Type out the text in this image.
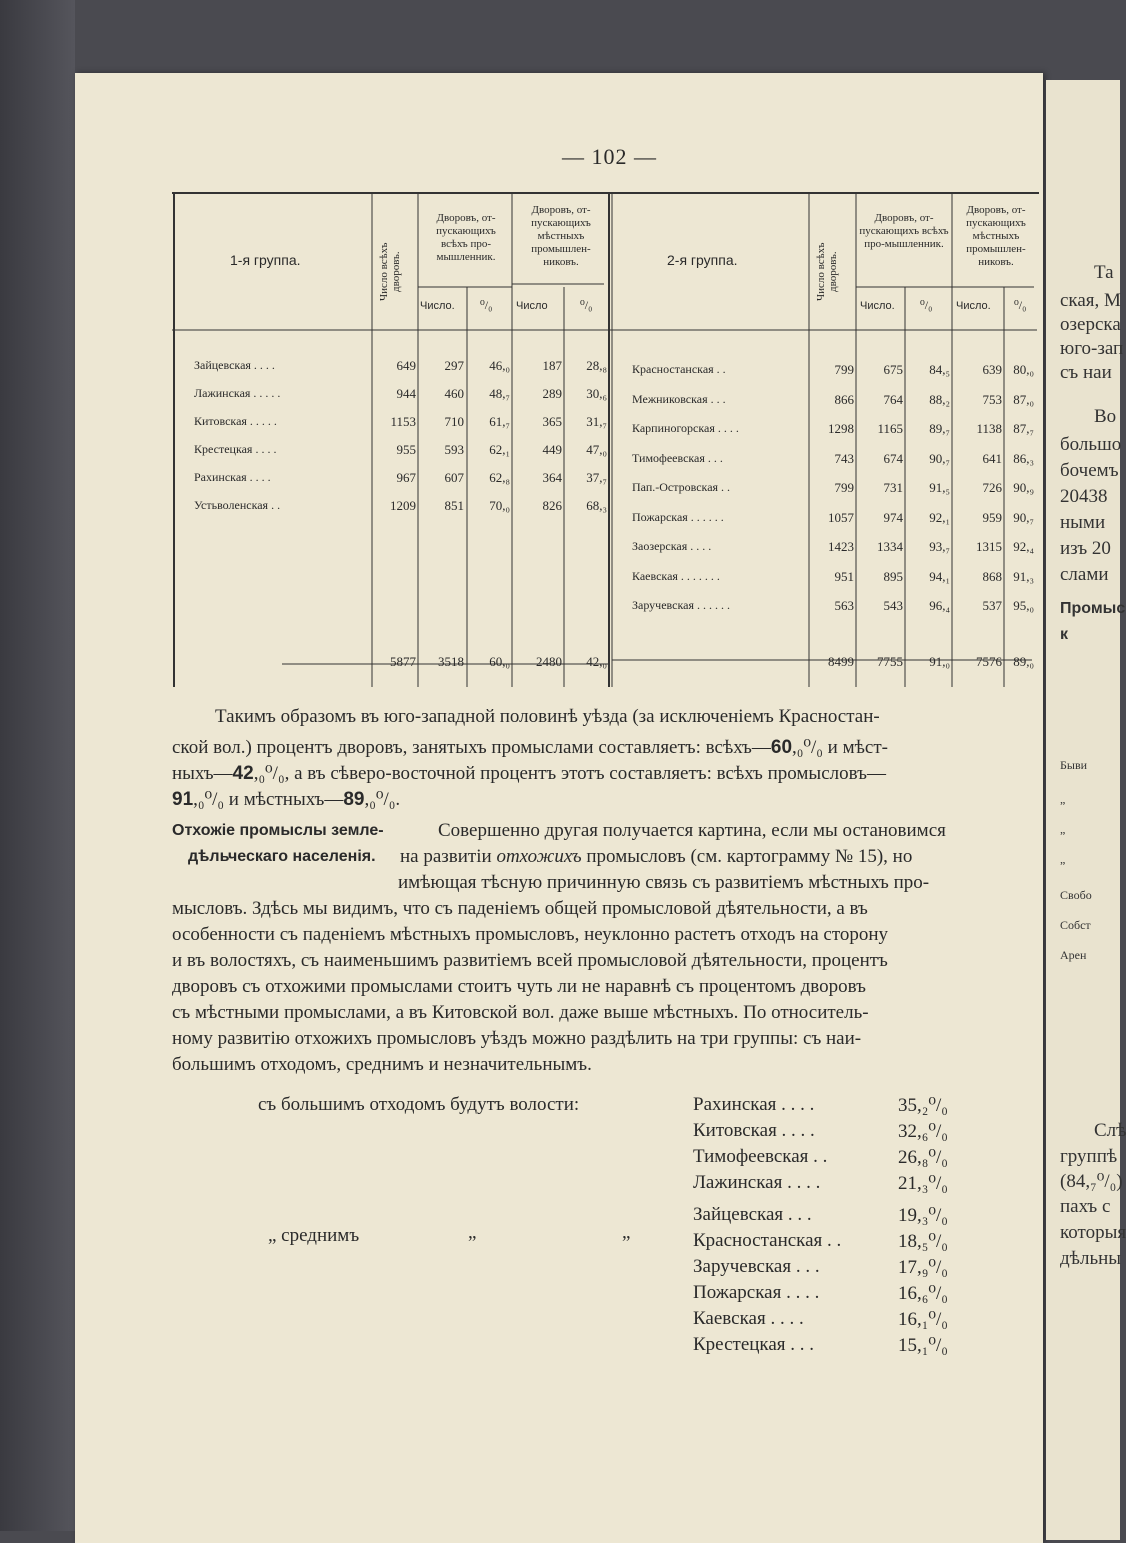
— 102 —
1-я группа.	2-я группа.
Число всѣхъ дворовъ.
Дворовъ, от-пускающихъ всѣхъ про-мышленник.
Дворовъ, от-пускающихъ мѣстныхъ промышлен-никовъ.
Число. ⁰/₀ Число	⁰/₀
Число всѣхъ дворовъ.
Дворовъ, от-пускающихъ всѣхъ про-мышленник.
Дворовъ, от-пускающихъ мѣстныхъ промышлен-никовъ.
Число. ⁰/₀ Число. ⁰/₀
Зайцевская . . . .	649	297	46,₀	187	28,₈
Лажинская . . . . .	944	460	48,₇	289	30,₆
Китовская . . . . .	1153	710	61,₇	365	31,₇
Крестецкая . . . .	955	593	62,₁	449	47,₀
Рахинская . . . .	967	607	62,₈	364	37,₇
Устьволенская . .	1209	851	70,₀	826	68,₃
Красностанская . .	799	675	84,₅	639 80,₀
Межниковская . . .	866	764	88,₂	753 87,₀
Карпиногорская . . . .	1298	1165	89,₇	1138 87,₇
Тимофеевская . . .	743	674	90,₇	641 86,₃
Пап.-Островская . .	799	731	91,₅	726 90,₉
Пожарская . . . . . .	1057	974	92,₁	959 90,₇
Заозерская . . . .	1423	1334	93,₇	1315 92,₄
Каевская . . . . . . .	951	895	94,₁	868 91,₃
Заручевская . . . . . .	563	543	96,₄	537 95,₀
5877	3518	60,₀	2480	42,₀	8499	7755	91,₀	7576 89,₀
Такимъ образомъ въ юго-западной половинѣ уѣзда (за исключеніемъ Красностан-
ской вол.) процентъ дворовъ, занятыхъ промыслами составляетъ: всѣхъ—60,₀⁰/₀ и мѣст-
ныхъ—42,₀⁰/₀, а въ сѣверо-восточной процентъ этотъ составляетъ: всѣхъ промысловъ—
91,₀⁰/₀ и мѣстныхъ—89,₀⁰/₀.
Отхожіе промыслы земле-
дѣльческаго населенія.
Совершенно другая получается картина, если мы остановимся
на развитіи отхожихъ промысловъ (см. картограмму № 15), но
имѣющая тѣсную причинную связь съ развитіемъ мѣстныхъ про-
мысловъ. Здѣсь мы видимъ, что съ паденіемъ общей промысловой дѣятельности, а въ
особенности съ паденіемъ мѣстныхъ промысловъ, неуклонно растетъ отходъ на сторону
и въ волостяхъ, съ наименьшимъ развитіемъ всей промысловой дѣятельности, процентъ
дворовъ съ отхожими промыслами стоитъ чуть ли не наравнѣ съ процентомъ дворовъ
съ мѣстными промыслами, а въ Китовской вол. даже выше мѣстныхъ. По относитель-
ному развитію отхожихъ промысловъ уѣздъ можно раздѣлить на три группы: съ наи-
большимъ отходомъ, среднимъ и незначительнымъ.
съ большимъ отходомъ будутъ волости:
„ среднимъ	„	„
Рахинская . . . .	35,₂⁰/₀
Китовская . . . .	32,₆⁰/₀
Тимофеевская . .	26,₈⁰/₀
Лажинская . . . .	21,₃⁰/₀
Зайцевская . . .	19,₃⁰/₀
Красностанская . .	18,₅⁰/₀
Заручевская . . .	17,₉⁰/₀
Пожарская . . . .	16,₆⁰/₀
Каевская . . . .	16,₁⁰/₀
Крестецкая . . .	15,₁⁰/₀
Та
ская, М
озерска
юго-зап
съ наи
Во
большо
бочемъ
20438
ными
изъ 20
слами
Промыс
к
Быви
„
„
„
Свобо
Собст
Арен
Слѣ
группѣ
(84,₇⁰/₀)
пахъ с
которыя
дѣльны
